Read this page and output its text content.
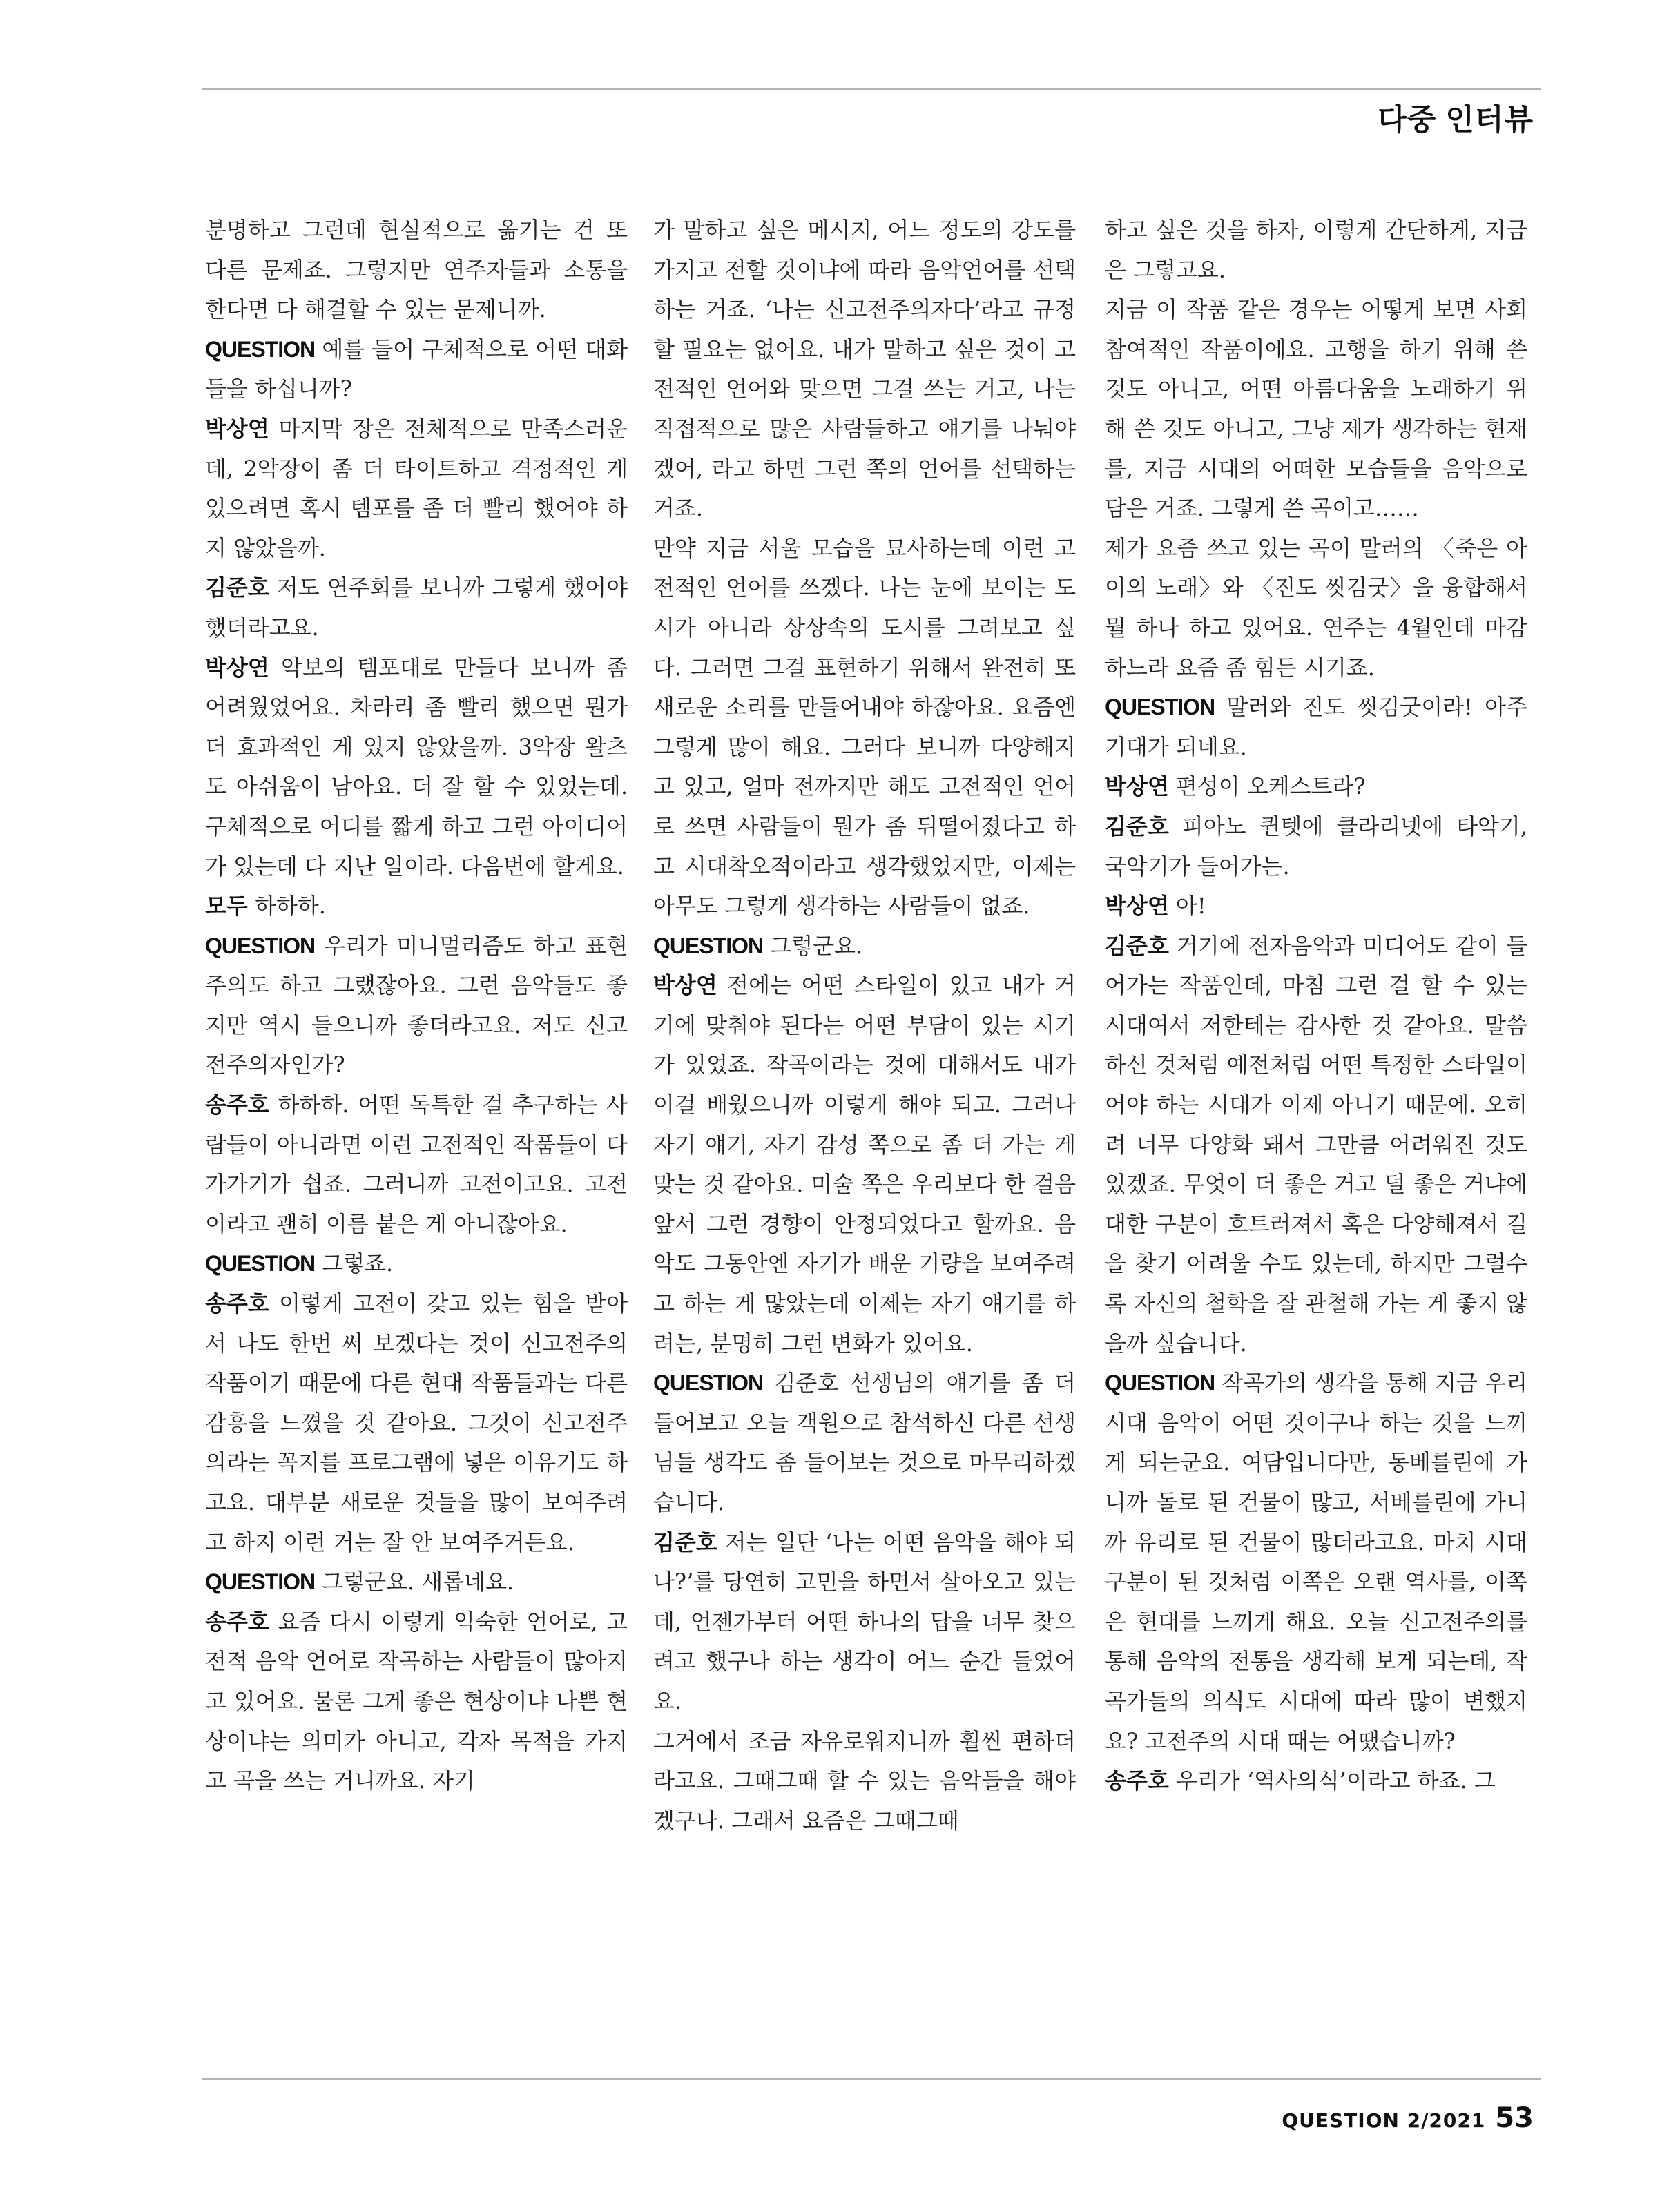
다중 인터뷰

분명하고 그런데 현실적으로 옮기는 건 또 다른 문제죠. 그렇지만 연주자들과 소통을 한다면 다 해결할 수 있는 문제니까.

QUESTION 예를 들어 구체적으로 어떤 대화들을 하십니까?

박상연 마지막 장은 전체적으로 만족스러운데, 2악장이 좀 더 타이트하고 격정적인 게 있으려면 혹시 템포를 좀 더 빨리 했어야 하지 않았을까.

김준호 저도 연주회를 보니까 그렇게 했어야 했더라고요.

박상연 악보의 템포대로 만들다 보니까 좀 어려웠었어요. 차라리 좀 빨리 했으면 뭔가 더 효과적인 게 있지 않았을까. 3악장 왈츠도 아쉬움이 남아요. 더 잘 할 수 있었는데. 구체적으로 어디를 짧게 하고 그런 아이디어가 있는데 다 지난 일이라. 다음번에 할게요.

모두 하하하.

QUESTION 우리가 미니멀리즘도 하고 표현주의도 하고 그랬잖아요. 그런 음악들도 좋지만 역시 들으니까 좋더라고요. 저도 신고전주의자인가?

송주호 하하하. 어떤 독특한 걸 추구하는 사람들이 아니라면 이런 고전적인 작품들이 다가가기가 쉽죠. 그러니까 고전이고요. 고전이라고 괜히 이름 붙은 게 아니잖아요.

QUESTION 그렇죠.

송주호 이렇게 고전이 갖고 있는 힘을 받아서 나도 한번 써 보겠다는 것이 신고전주의 작품이기 때문에 다른 현대 작품들과는 다른 감흥을 느꼈을 것 같아요. 그것이 신고전주의라는 꼭지를 프로그램에 넣은 이유기도 하고요. 대부분 새로운 것들을 많이 보여주려고 하지 이런 거는 잘 안 보여주거든요.

QUESTION 그렇군요. 새롭네요.

송주호 요즘 다시 이렇게 익숙한 언어로, 고전적 음악 언어로 작곡하는 사람들이 많아지고 있어요. 물론 그게 좋은 현상이냐 나쁜 현상이냐는 의미가 아니고, 각자 목적을 가지고 곡을 쓰는 거니까요. 자기

가 말하고 싶은 메시지, 어느 정도의 강도를 가지고 전할 것이냐에 따라 음악언어를 선택하는 거죠. ‘나는 신고전주의자다’라고 규정할 필요는 없어요. 내가 말하고 싶은 것이 고전적인 언어와 맞으면 그걸 쓰는 거고, 나는 직접적으로 많은 사람들하고 얘기를 나눠야겠어, 라고 하면 그런 쪽의 언어를 선택하는 거죠.

만약 지금 서울 모습을 묘사하는데 이런 고전적인 언어를 쓰겠다. 나는 눈에 보이는 도시가 아니라 상상속의 도시를 그려보고 싶다. 그러면 그걸 표현하기 위해서 완전히 또 새로운 소리를 만들어내야 하잖아요. 요즘엔 그렇게 많이 해요. 그러다 보니까 다양해지고 있고, 얼마 전까지만 해도 고전적인 언어로 쓰면 사람들이 뭔가 좀 뒤떨어졌다고 하고 시대착오적이라고 생각했었지만, 이제는 아무도 그렇게 생각하는 사람들이 없죠.

QUESTION 그렇군요.

박상연 전에는 어떤 스타일이 있고 내가 거기에 맞춰야 된다는 어떤 부담이 있는 시기가 있었죠. 작곡이라는 것에 대해서도 내가 이걸 배웠으니까 이렇게 해야 되고. 그러나 자기 얘기, 자기 감성 쪽으로 좀 더 가는 게 맞는 것 같아요. 미술 쪽은 우리보다 한 걸음 앞서 그런 경향이 안정되었다고 할까요. 음악도 그동안엔 자기가 배운 기량을 보여주려고 하는 게 많았는데 이제는 자기 얘기를 하려는, 분명히 그런 변화가 있어요.

QUESTION 김준호 선생님의 얘기를 좀 더 들어보고 오늘 객원으로 참석하신 다른 선생님들 생각도 좀 들어보는 것으로 마무리하겠습니다.

김준호 저는 일단 ‘나는 어떤 음악을 해야 되나?’를 당연히 고민을 하면서 살아오고 있는데, 언젠가부터 어떤 하나의 답을 너무 찾으려고 했구나 하는 생각이 어느 순간 들었어요.

그거에서 조금 자유로워지니까 훨씬 편하더라고요. 그때그때 할 수 있는 음악들을 해야겠구나. 그래서 요즘은 그때그때

하고 싶은 것을 하자, 이렇게 간단하게, 지금은 그렇고요.

지금 이 작품 같은 경우는 어떻게 보면 사회 참여적인 작품이에요. 고행을 하기 위해 쓴 것도 아니고, 어떤 아름다움을 노래하기 위해 쓴 것도 아니고, 그냥 제가 생각하는 현재를, 지금 시대의 어떠한 모습들을 음악으로 담은 거죠. 그렇게 쓴 곡이고……

제가 요즘 쓰고 있는 곡이 말러의 〈죽은 아이의 노래〉와 〈진도 씻김굿〉을 융합해서 뭘 하나 하고 있어요. 연주는 4월인데 마감하느라 요즘 좀 힘든 시기죠.

QUESTION 말러와 진도 씻김굿이라! 아주 기대가 되네요.

박상연 편성이 오케스트라?

김준호 피아노 퀸텟에 클라리넷에 타악기, 국악기가 들어가는.

박상연 아!

김준호 거기에 전자음악과 미디어도 같이 들어가는 작품인데, 마침 그런 걸 할 수 있는 시대여서 저한테는 감사한 것 같아요. 말씀하신 것처럼 예전처럼 어떤 특정한 스타일이어야 하는 시대가 이제 아니기 때문에. 오히려 너무 다양화 돼서 그만큼 어려워진 것도 있겠죠. 무엇이 더 좋은 거고 덜 좋은 거냐에 대한 구분이 흐트러져서 혹은 다양해져서 길을 찾기 어려울 수도 있는데, 하지만 그럴수록 자신의 철학을 잘 관철해 가는 게 좋지 않을까 싶습니다.

QUESTION 작곡가의 생각을 통해 지금 우리 시대 음악이 어떤 것이구나 하는 것을 느끼게 되는군요. 여담입니다만, 동베를린에 가니까 돌로 된 건물이 많고, 서베를린에 가니까 유리로 된 건물이 많더라고요. 마치 시대구분이 된 것처럼 이쪽은 오랜 역사를, 이쪽은 현대를 느끼게 해요. 오늘 신고전주의를 통해 음악의 전통을 생각해 보게 되는데, 작곡가들의 의식도 시대에 따라 많이 변했지요? 고전주의 시대 때는 어땠습니까?

송주호 우리가 ‘역사의식’이라고 하죠. 그

QUESTION 2/2021 53
